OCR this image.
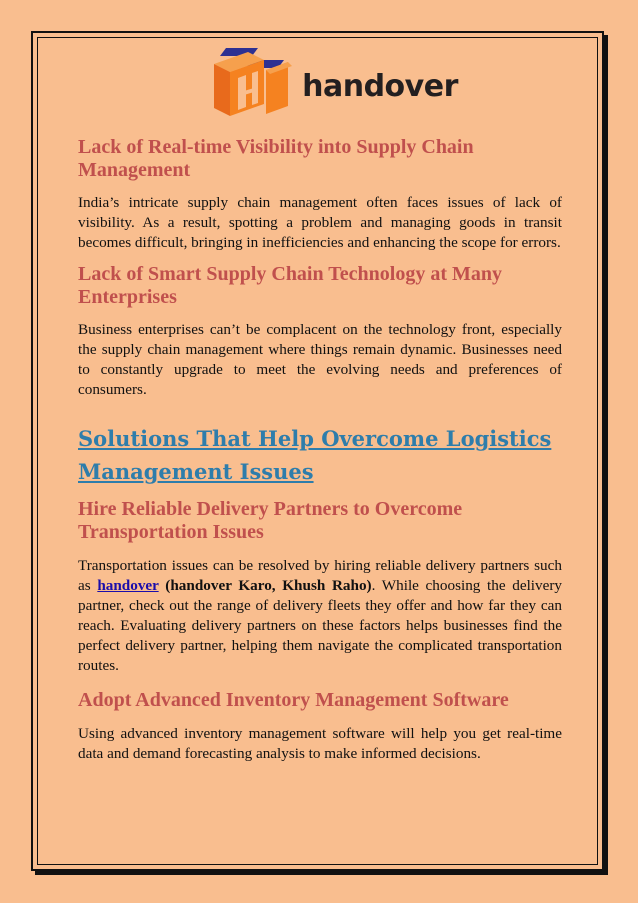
handover
Lack of Real-time Visibility into Supply Chain Management

India’s intricate supply chain management often faces issues of lack of visibility. As a result, spotting a problem and managing goods in transit becomes difficult, bringing in inefficiencies and enhancing the scope for errors.

Lack of Smart Supply Chain Technology at Many Enterprises

Business enterprises can’t be complacent on the technology front, especially the supply chain management where things remain dynamic. Businesses need to constantly upgrade to meet the evolving needs and preferences of consumers.

Solutions That Help Overcome Logistics Management Issues
Hire Reliable Delivery Partners to Overcome Transportation Issues

Transportation issues can be resolved by hiring reliable delivery partners such as handover (handover Karo, Khush Raho). While choosing the delivery partner, check out the range of delivery fleets they offer and how far they can reach. Evaluating delivery partners on these factors helps businesses find the perfect delivery partner, helping them navigate the complicated transportation routes.

Adopt Advanced Inventory Management Software

Using advanced inventory management software will help you get real-time data and demand forecasting analysis to make informed decisions.
